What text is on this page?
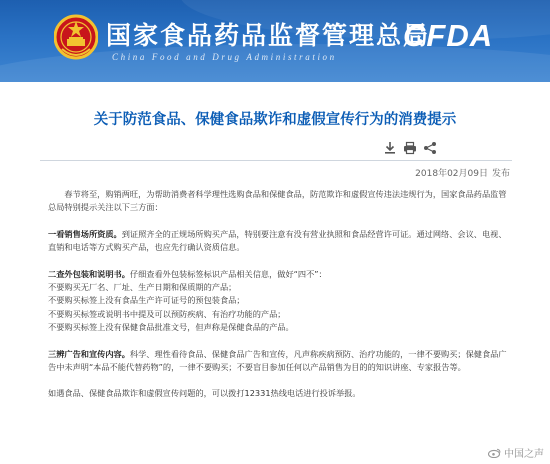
国家食品药品监督管理总局
China Food and Drug Administration
CFDA
关于防范食品、保健食品欺诈和虚假宣传行为的消费提示
2018年02月09日 发布

  春节将至，购销两旺，为帮助消费者科学理性选购食品和保健食品，防范欺诈和虚假宣传违法违规行为，国家食品药品监管总局特别提示关注以下三方面：

一看销售场所资质。到证照齐全的正规场所购买产品，特别要注意有没有营业执照和食品经营许可证。通过网络、会议、电视、直销和电话等方式购买产品，也应先行确认资质信息。

二查外包装和说明书。仔细查看外包装标签标识产品相关信息，做好“四不”：

不要购买无厂名、厂址、生产日期和保质期的产品；

不要购买标签上没有食品生产许可证号的预包装食品；

不要购买标签或说明书中提及可以预防疾病、有治疗功能的产品；

不要购买标签上没有保健食品批准文号，但声称是保健食品的产品。

三辨广告和宣传内容。科学、理性看待食品、保健食品广告和宣传，凡声称疾病预防、治疗功能的，一律不要购买；保健食品广告中未声明“本品不能代替药物”的，一律不要购买；不要盲目参加任何以产品销售为目的的知识讲座、专家报告等。

如遇食品、保健食品欺诈和虚假宣传问题的，可以拨打12331热线电话进行投诉举报。

中国之声
